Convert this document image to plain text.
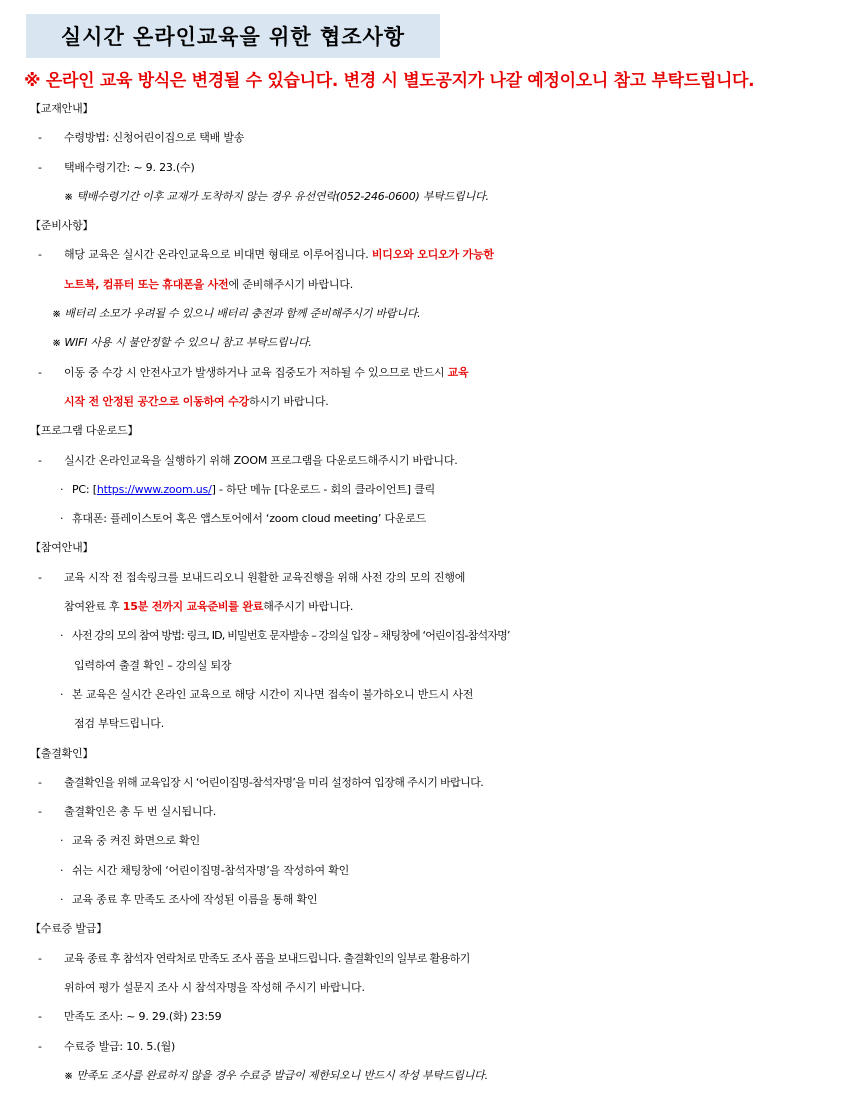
실시간 온라인교육을 위한 협조사항
※ 온라인 교육 방식은 변경될 수 있습니다. 변경 시 별도공지가 나갈 예정이오니 참고 부탁드립니다.
【교재안내】
- 수령방법: 신청어린이집으로 택배 발송
- 택배수령기간: ~ 9. 23.(수)
※ 택배수령기간 이후 교재가 도착하지 않는 경우 유선연락(052-246-0600) 부탁드립니다.
【준비사항】
- 해당 교육은 실시간 온라인교육으로 비대면 형태로 이루어집니다. 비디오와 오디오가 가능한
노트북, 컴퓨터 또는 휴대폰을 사전에 준비해주시기 바랍니다.
※ 배터리 소모가 우려될 수 있으니 배터리 충전과 함께 준비해주시기 바랍니다.
※ WIFI 사용 시 불안정할 수 있으니 참고 부탁드립니다.
- 이동 중 수강 시 안전사고가 발생하거나 교육 집중도가 저하될 수 있으므로 반드시 교육
시작 전 안정된 공간으로 이동하여 수강하시기 바랍니다.
【프로그램 다운로드】
- 실시간 온라인교육을 실행하기 위해 ZOOM 프로그램을 다운로드해주시기 바랍니다.
· PC: [https://www.zoom.us/] - 하단 메뉴 [다운로드 - 회의 클라이언트] 클릭
· 휴대폰: 플레이스토어 혹은 앱스토어에서 ‘zoom cloud meeting’ 다운로드
【참여안내】
- 교육 시작 전 접속링크를 보내드리오니 원활한 교육진행을 위해 사전 강의 모의 진행에
참여완료 후 15분 전까지 교육준비를 완료해주시기 바랍니다.
· 사전 강의 모의 참여 방법: 링크, ID, 비밀번호 문자발송 – 강의실 입장 – 채팅창에 ‘어린이집-참석자명’
입력하여 출결 확인 – 강의실 퇴장
· 본 교육은 실시간 온라인 교육으로 해당 시간이 지나면 접속이 불가하오니 반드시 사전
점검 부탁드립니다.
【출결확인】
- 출결확인을 위해 교육입장 시 ‘어린이집명-참석자명’을 미리 설정하여 입장해 주시기 바랍니다.
- 출결확인은 총 두 번 실시됩니다.
· 교육 중 켜진 화면으로 확인
· 쉬는 시간 채팅창에 ‘어린이집명-참석자명’을 작성하여 확인
· 교육 종료 후 만족도 조사에 작성된 이름을 통해 확인
【수료증 발급】
- 교육 종료 후 참석자 연락처로 만족도 조사 폼을 보내드립니다. 출결확인의 일부로 활용하기
위하여 평가 설문지 조사 시 참석자명을 작성해 주시기 바랍니다.
- 만족도 조사: ~ 9. 29.(화) 23:59
- 수료증 발급: 10. 5.(월)
※ 만족도 조사를 완료하지 않을 경우 수료증 발급이 제한되오니 반드시 작성 부탁드립니다.
